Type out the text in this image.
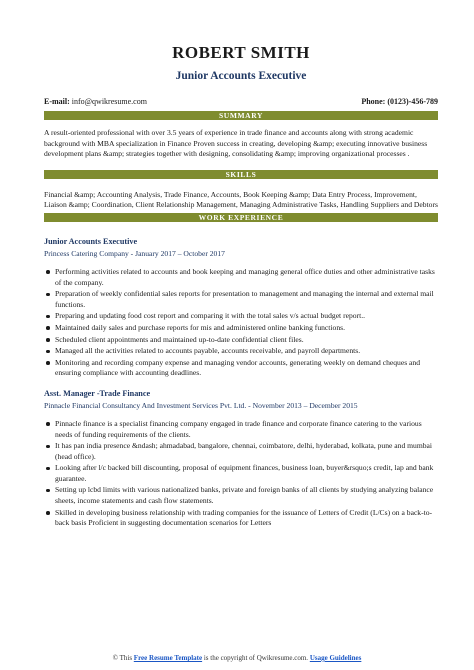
ROBERT SMITH
Junior Accounts Executive
E-mail: info@qwikresume.com	Phone: (0123)-456-789
SUMMARY
A result-oriented professional with over 3.5 years of experience in trade finance and accounts along with strong academic background with MBA specialization in Finance Proven success in creating, developing &amp; executing innovative business development plans &amp; strategies together with designing, consolidating &amp; improving organizational processes .
SKILLS
Financial &amp; Accounting Analysis, Trade Finance, Accounts, Book Keeping &amp; Data Entry Process, Improvement, Liaison &amp; Coordination, Client Relationship Management, Managing Administrative Tasks, Handling Suppliers and Debtors
WORK EXPERIENCE
Junior Accounts Executive
Princess Catering Company - January 2017 – October 2017
Performing activities related to accounts and book keeping and managing general office duties and other administrative tasks of the company.
Preparation of weekly confidential sales reports for presentation to management and managing the internal and external mail functions.
Preparing and updating food cost report and comparing it with the total sales v/s actual budget report..
Maintained daily sales and purchase reports for mis and administered online banking functions.
Scheduled client appointments and maintained up-to-date confidential client files.
Managed all the activities related to accounts payable, accounts receivable, and payroll departments.
Monitoring and recording company expense and managing vendor accounts, generating weekly on demand cheques and ensuring compliance with accounting deadlines.
Asst. Manager -Trade Finance
Pinnacle Financial Consultancy And Investment Services Pvt. Ltd. - November 2013 – December 2015
Pinnacle finance is a specialist financing company engaged in trade finance and corporate finance catering to the various needs of funding requirements of the clients.
It has pan india presence &ndash; ahmadabad, bangalore, chennai, coimbatore, delhi, hyderabad, kolkata, pune and mumbai (head office).
Looking after l/c backed bill discounting, proposal of equipment finances, business loan, buyer&rsquo;s credit, lap and bank guarantee.
Setting up lcbd limits with various nationalized banks, private and foreign banks of all clients by studying analyzing balance sheets, income statements and cash flow statements.
Skilled in developing business relationship with trading companies for the issuance of Letters of Credit (L/Cs) on a back-to-back basis Proficient in suggesting documentation scenarios for Letters
© This Free Resume Template is the copyright of Qwikresume.com. Usage Guidelines
